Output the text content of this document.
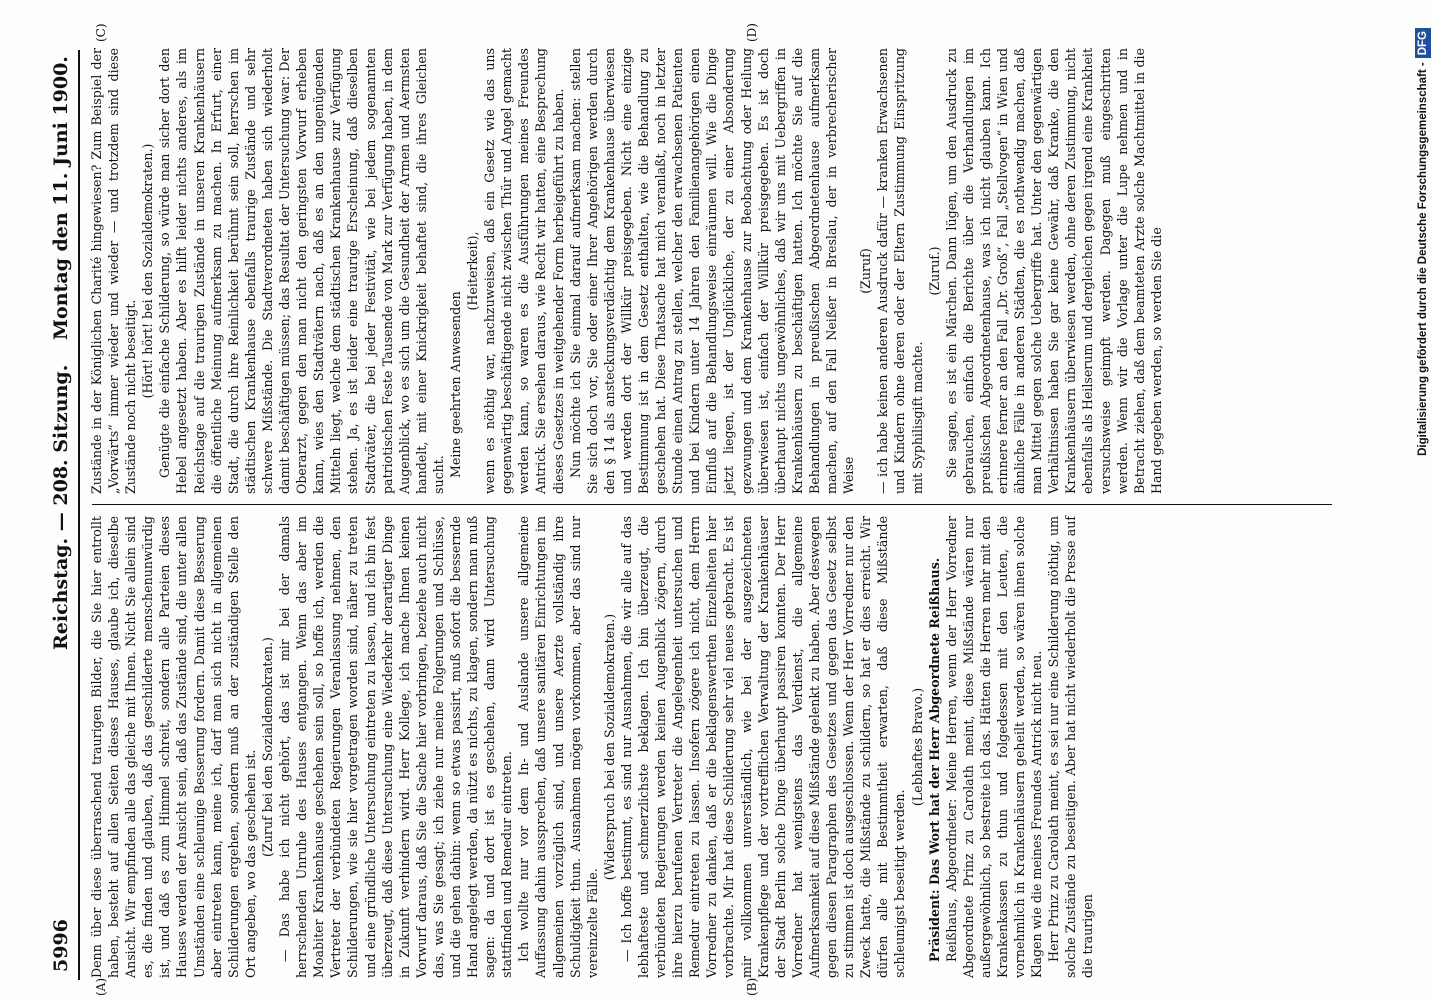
5996
Reichstag. — 208. Sitzung.
Montag den 11. Juni 1900.
(A)	(B)
(C)	(D)

Denn über diese überraschend traurigen Bilder, die Sie hier entrollt haben, besteht auf allen Seiten dieses Hauses, glaube ich, dieselbe Ansicht. Wir empfinden alle das gleiche mit Ihnen. Nicht Sie allein sind es, die finden und glauben, daß das geschilderte menschenunwürdig ist, und daß es zum Himmel schreit, sondern alle Parteien dieses Hauses werden der Ansicht sein, daß das Zustände sind, die unter allen Umständen eine schleunige Besserung fordern. Damit diese Besserung aber eintreten kann, meine ich, darf man sich nicht in allgemeinen Schilderungen ergehen, sondern muß an der zuständigen Stelle den Ort angeben, wo das geschehen ist.

(Zuruf bei den Sozialdemokraten.) — Das habe ich nicht gehört, das ist mir bei der damals herrschenden Unruhe des Hauses entgangen. Wenn das aber im Moabiter Krankenhause geschehen sein soll, so hoffe ich, werden die Vertreter der verbündeten Regierungen Veranlassung nehmen, den Schilderungen, wie sie hier vorgetragen worden sind, näher zu treten und eine gründliche Untersuchung eintreten zu lassen, und ich bin fest überzeugt, daß diese Untersuchung eine Wiederkehr derartiger Dinge in Zukunft verhindern wird. Herr Kollege, ich mache Ihnen keinen Vorwurf daraus, daß Sie die Sache hier vorbringen, beziehe auch nicht das, was Sie gesagt; ich ziehe nur meine Folgerungen und Schlüsse, und die gehen dahin: wenn so etwas passirt, muß sofort die bessernde Hand angelegt werden, da nützt es nichts, zu klagen, sondern man muß sagen: da und dort ist es geschehen, dann wird Untersuchung stattfinden und Remedur eintreten. Ich wollte nur vor dem In- und Auslande unsere allgemeine Auffassung dahin aussprechen, daß unsere sanitären Einrichtungen im allgemeinen vorzüglich sind, und unsere Aerzte vollständig ihre Schuldigkeit thun. Ausnahmen mögen vorkommen, aber das sind nur vereinzelte Fälle.

(Widerspruch bei den Sozialdemokraten.) — Ich hoffe bestimmt, es sind nur Ausnahmen, die wir alle auf das lebhafteste und schmerzlichste beklagen. Ich bin überzeugt, die verbündeten Regierungen werden keinen Augenblick zögern, durch ihre hierzu berufenen Vertreter die Angelegenheit untersuchen und Remedur eintreten zu lassen. Insofern zögere ich nicht, dem Herrn Vorredner zu danken, daß er die beklagenswerthen Einzelheiten hier vorbrachte. Mir hat diese Schilderung sehr viel neues gebracht. Es ist mir vollkommen unverständlich, wie bei der ausgezeichneten Krankenpflege und der vortrefflichen Verwaltung der Krankenhäuser der Stadt Berlin solche Dinge überhaupt passiren konnten. Der Herr Vorredner hat wenigstens das Verdienst, die allgemeine Aufmerksamkeit auf diese Mißstände gelenkt zu haben. Aber deswegen gegen diesen Paragraphen des Gesetzes und gegen das Gesetz selbst zu stimmen ist doch ausgeschlossen. Wenn der Herr Vorredner nur den Zweck hatte, die Mißstände zu schildern, so hat er dies erreicht. Wir dürfen alle mit Bestimmtheit erwarten, daß diese Mißstände schleunigst beseitigt werden.

(Lebhaftes Bravo.) Präsident: Das Wort hat der Herr Abgeordnete Reißhaus. Reißhaus, Abgeordneter: Meine Herren, wenn der Herr Vorredner Abgeordnete Prinz zu Carolath meint, diese Mißstände wären nur außergewöhnlich, so bestreite ich das. Hätten die Herren mehr mit den Krankenkassen zu thun und folgedessen mit den Leuten, die vornehmlich in Krankenhäusern geheilt werden, so wären ihnen solche Klagen wie die meines Freundes Antrick nicht neu. Herr Prinz zu Carolath meint, es sei nur eine Schilderung nöthig, um solche Zustände zu beseitigen. Aber hat nicht wiederholt die Presse auf die traurigen

Zustände in der Königlichen Charité hingewiesen? Zum Beispiel der „Vorwärts“ immer wieder und wieder — und trotzdem sind diese Zustände noch nicht beseitigt. (Hört! hört! bei den Sozialdemokraten.) Genügte die einfache Schilderung, so würde man sicher dort den Hebel angesetzt haben. Aber es hilft leider nichts anderes, als im Reichstage auf die traurigen Zustände in unseren Krankenhäusern die öffentliche Meinung aufmerksam zu machen. In Erfurt, einer Stadt, die durch ihre Reinlichkeit berühmt sein soll, herrschen im städtischen Krankenhause ebenfalls traurige Zustände und sehr schwere Mißstände. Die Stadtverordneten haben sich wiederholt damit beschäftigen müssen; das Resultat der Untersuchung war: Der Oberarzt, gegen den man nicht den geringsten Vorwurf erheben kann, wies den Stadtvätern nach, daß es an den ungenügenden Mitteln liegt, welche dem städtischen Krankenhause zur Verfügung stehen. Ja, es ist leider eine traurige Erscheinung, daß dieselben Stadtväter, die bei jeder Festivität, wie bei jedem sogenannten patriotischen Feste Tausende von Mark zur Verfügung haben, in dem Augenblick, wo es sich um die Gesundheit der Armen und Aermsten handelt, mit einer Knickrigkeit behaftet sind, die ihres Gleichen sucht. Meine geehrten Anwesenden

(Heiterkeit), wenn es nöthig war, nachzuweisen, daß ein Gesetz wie das uns gegenwärtig beschäftigende nicht zwischen Thür und Angel gemacht werden kann, so waren es die Ausführungen meines Freundes Antrick. Sie ersehen daraus, wie Recht wir hatten, eine Besprechung dieses Gesetzes in weitgehender Form herbeigeführt zu haben. Nun möchte ich Sie einmal darauf aufmerksam machen: stellen Sie sich doch vor, Sie oder einer Ihrer Angehörigen werden durch den § 14 als ansteckungsverdächtig dem Krankenhause überwiesen und werden dort der Willkür preisgegeben. Nicht eine einzige Bestimmung ist in dem Gesetz enthalten, wie die Behandlung zu geschehen hat. Diese Thatsache hat mich veranlaßt, noch in letzter Stunde einen Antrag zu stellen, welcher den erwachsenen Patienten und bei Kindern unter 14 Jahren den Familienangehörigen einen Einfluß auf die Behandlungsweise einräumen will. Wie die Dinge jetzt liegen, ist der Unglückliche, der zu einer Absonderung gezwungen und dem Krankenhause zur Beobachtung oder Heilung überwiesen ist, einfach der Willkür preisgegeben. Es ist doch überhaupt nichts ungewöhnliches, daß wir uns mit Uebergriffen in Krankenhäusern zu beschäftigen hatten. Ich möchte Sie auf die Behandlungen in preußischen Abgeordnetenhause aufmerksam machen, auf den Fall Neißer in Breslau, der in verbrecherischer Weise

(Zuruf) — ich habe keinen anderen Ausdruck dafür — kranken Erwachsenen und Kindern ohne deren oder der Eltern Zustimmung Einspritzung mit Syphilisgift machte.

(Zuruf.) Sie sagen, es ist ein Märchen. Dann lügen, um den Ausdruck zu gebrauchen, einfach die Berichte über die Verhandlungen im preußischen Abgeordnetenhause, was ich nicht glauben kann. Ich erinnere ferner an den Fall „Dr. Groß“, Fall „Stellvogen“ in Wien und ähnliche Fälle in anderen Städten, die es nothwendig machen, daß man Mittel gegen solche Uebergriffe hat. Unter den gegenwärtigen Verhältnissen haben Sie gar keine Gewähr, daß Kranke, die den Krankenhäusern überwiesen werden, ohne deren Zustimmung, nicht ebenfalls als Heilserum und dergleichen gegen irgend eine Krankheit versuchsweise geimpft werden. Dagegen muß eingeschritten werden. Wenn wir die Vorlage unter die Lupe nehmen und in Betracht ziehen, daß dem beamteten Arzte solche Machtmittel in die Hand gegeben werden, so werden Sie die	Digitalisierung gefördert durch die Deutsche Forschungsgemeinschaft -DFG
